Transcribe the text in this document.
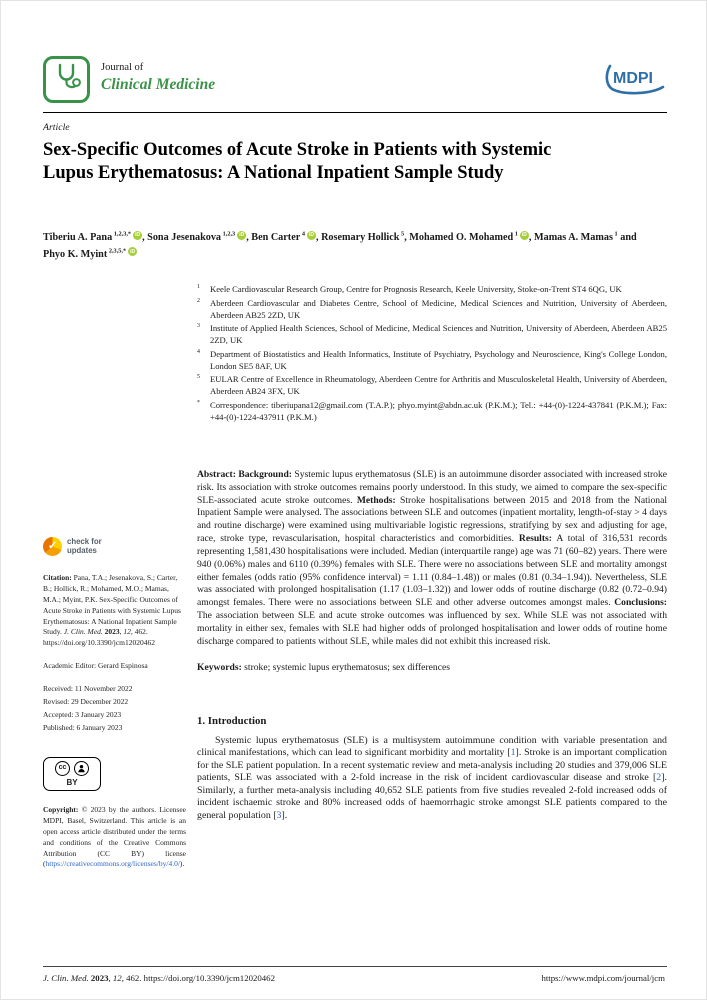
Journal of
Clinical Medicine	MDPI
Article
Sex-Specific Outcomes of Acute Stroke in Patients with Systemic Lupus Erythematosus: A National Inpatient Sample Study
Tiberiu A. Pana $^{1,2,3,*}$ iD , Sona Jesenakova $^{1,2,3}$ iD , Ben Carter $^4$ iD , Rosemary Hollick $^5$, Mohamed O. Mohamed $^1$ iD , Mamas A. Mamas $^1$ and Phyo K. Myint $^{2,3,5,*}$ iD
1	Keele Cardiovascular Research Group, Centre for Prognosis Research, Keele University, Stoke-on-Trent ST4 6QG, UK
2	Aberdeen Cardiovascular and Diabetes Centre, School of Medicine, Medical Sciences and Nutrition, University of Aberdeen, Aberdeen AB25 2ZD, UK
3	Institute of Applied Health Sciences, School of Medicine, Medical Sciences and Nutrition, University of Aberdeen, Aberdeen AB25 2ZD, UK
4	Department of Biostatistics and Health Informatics, Institute of Psychiatry, Psychology and Neuroscience, King's College London, London SE5 8AF, UK
5	EULAR Centre of Excellence in Rheumatology, Aberdeen Centre for Arthritis and Musculoskeletal Health, University of Aberdeen, Aberdeen AB24 3FX, UK
*	Correspondence: tiberiupana12@gmail.com (T.A.P.); phyo.myint@abdn.ac.uk (P.K.M.); Tel.: +44-(0)-1224-437841 (P.K.M.); Fax: +44-(0)-1224-437911 (P.K.M.)
Abstract: Background: Systemic lupus erythematosus (SLE) is an autoimmune disorder associated with increased stroke risk. Its association with stroke outcomes remains poorly understood. In this study, we aimed to compare the sex-specific SLE-associated acute stroke outcomes. Methods: Stroke hospitalisations between 2015 and 2018 from the National Inpatient Sample were analysed. The associations between SLE and outcomes (inpatient mortality, length-of-stay > 4 days and routine discharge) were examined using multivariable logistic regressions, stratifying by sex and adjusting for age, race, stroke type, revascularisation, hospital characteristics and comorbidities. Results: A total of 316,531 records representing 1,581,430 hospitalisations were included. Median (interquartile range) age was 71 (60–82) years. There were 940 (0.06%) males and 6110 (0.39%) females with SLE. There were no associations between SLE and mortality amongst either females (odds ratio (95% confidence interval) = 1.11 (0.84–1.48)) or males (0.81 (0.34–1.94)). Nevertheless, SLE was associated with prolonged hospitalisation (1.17 (1.03–1.32)) and lower odds of routine discharge (0.82 (0.72–0.94) amongst females. There were no associations between SLE and other adverse outcomes amongst males. Conclusions: The association between SLE and acute stroke outcomes was influenced by sex. While SLE was not associated with mortality in either sex, females with SLE had higher odds of prolonged hospitalisation and lower odds of routine home discharge compared to patients without SLE, while males did not exhibit this increased risk.
Keywords: stroke; systemic lupus erythematosus; sex differences
1. Introduction
Systemic lupus erythematosus (SLE) is a multisystem autoimmune condition with variable presentation and clinical manifestations, which can lead to significant morbidity and mortality [1]. Stroke is an important complication for the SLE patient population. In a recent systematic review and meta-analysis including 20 studies and 379,006 SLE patients, SLE was associated with a 2-fold increase in the risk of incident cardiovascular disease and stroke [2]. Similarly, a further meta-analysis including 40,652 SLE patients from five studies revealed 2-fold increased odds of incident ischaemic stroke and 80% increased odds of haemorrhagic stroke amongst SLE patients compared to the general population [3].
✓
check for
updates
Citation: Pana, T.A.; Jesenakova, S.; Carter, B.; Hollick, R.; Mohamed, M.O.; Mamas, M.A.; Myint, P.K. Sex-Specific Outcomes of Acute Stroke in Patients with Systemic Lupus Erythematosus: A National Inpatient Sample Study. J. Clin. Med. 2023, 12, 462. https://doi.org/10.3390/jcm12020462
Academic Editor: Gerard Espinosa
Received: 11 November 2022
Revised: 29 December 2022
Accepted: 3 January 2023
Published: 6 January 2023
cc
BY
Copyright: © 2023 by the authors. Licensee MDPI, Basel, Switzerland. This article is an open access article distributed under the terms and conditions of the Creative Commons Attribution (CC BY) license (https://creativecommons.org/licenses/by/4.0/).
J. Clin. Med. 2023, 12, 462. https://doi.org/10.3390/jcm12020462	https://www.mdpi.com/journal/jcm
